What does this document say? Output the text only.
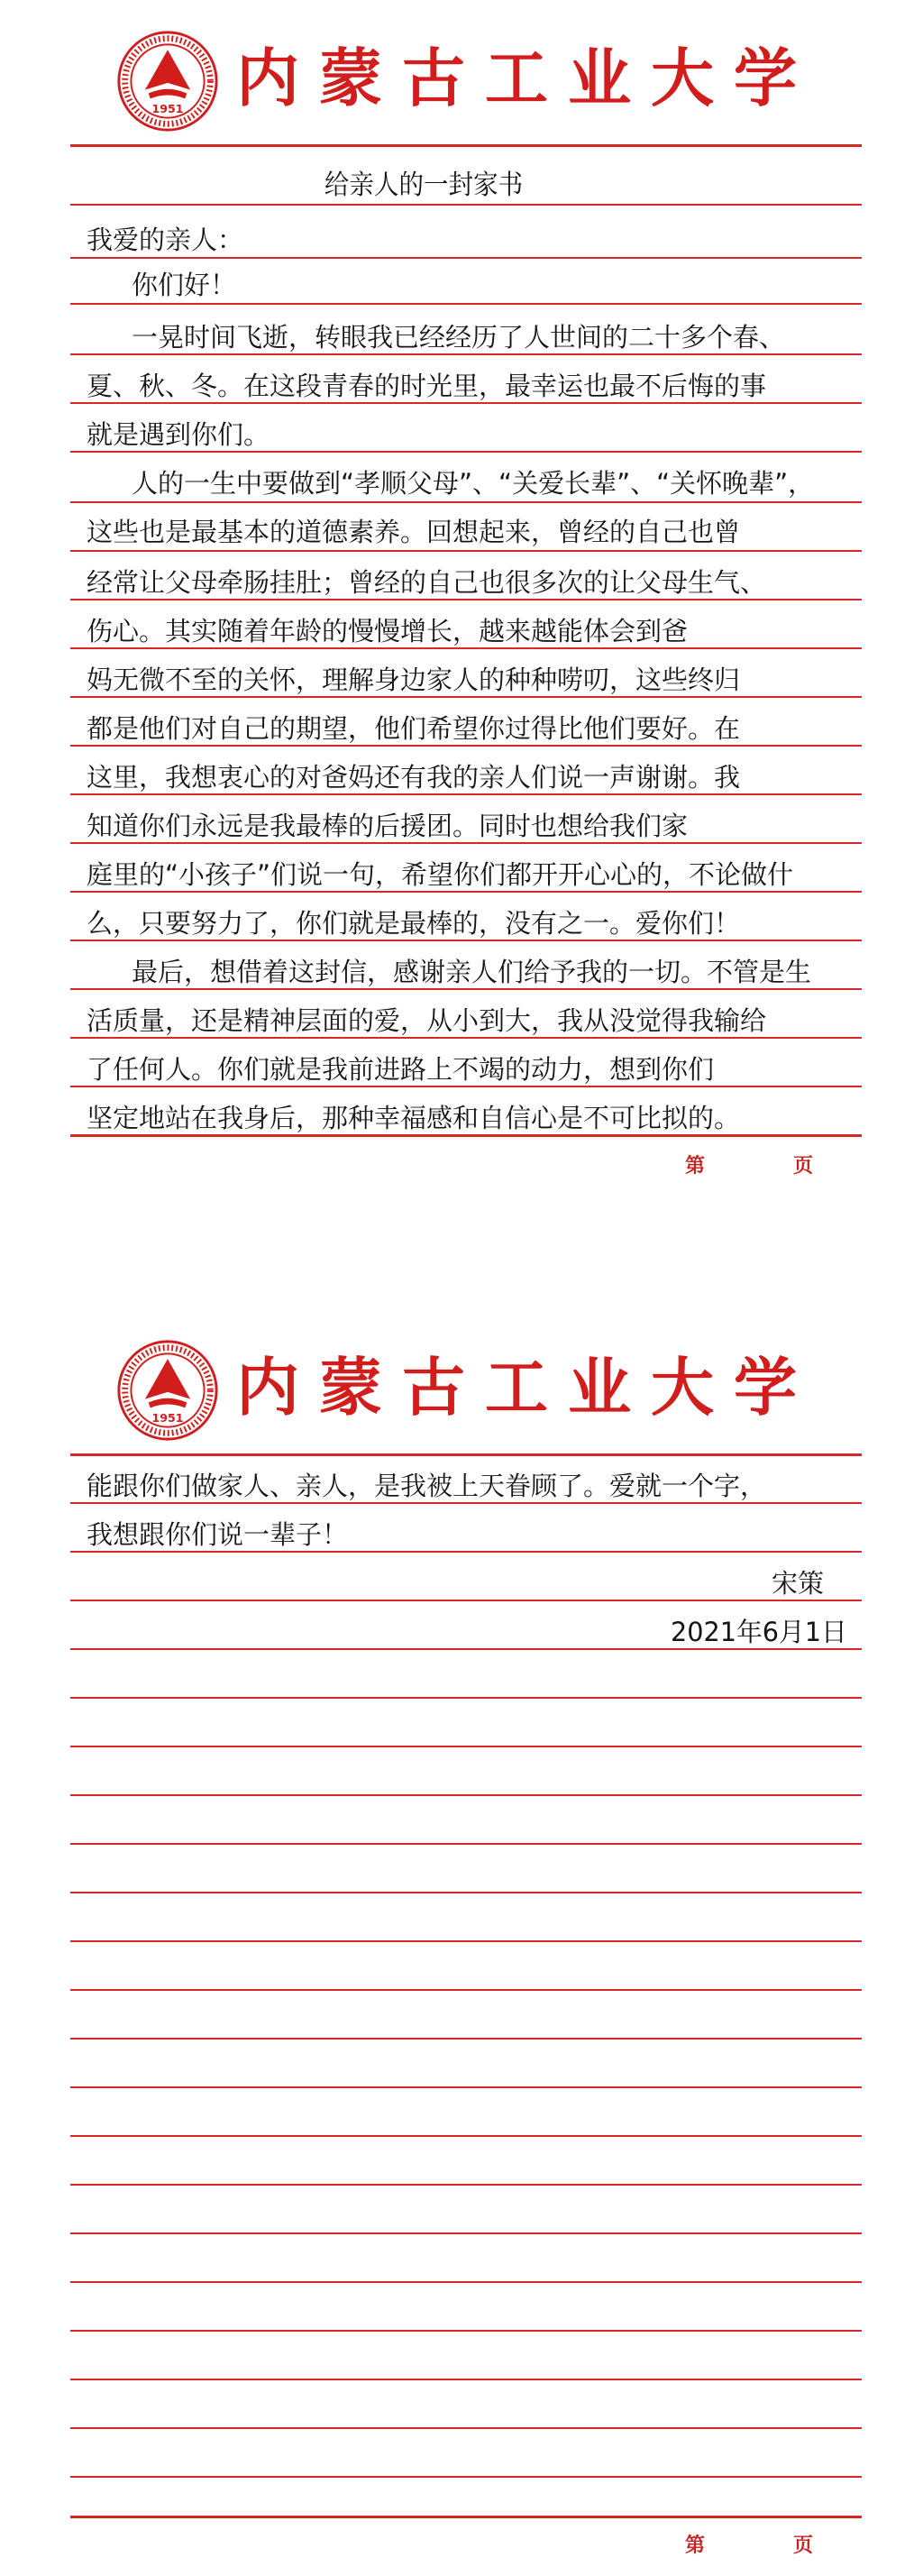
1951 内蒙古工业大学
给亲人的一封家书
我爱的亲人：
你们好！
一晃时间飞逝，转眼我已经经历了人世间的二十多个春、
夏、秋、冬。在这段青春的时光里，最幸运也最不后悔的事
就是遇到你们。
人的一生中要做到“孝顺父母”、“关爱长辈”、“关怀晚辈”，
这些也是最基本的道德素养。回想起来，曾经的自己也曾
经常让父母牵肠挂肚；曾经的自己也很多次的让父母生气、
伤心。其实随着年龄的慢慢增长，越来越能体会到爸
妈无微不至的关怀，理解身边家人的种种唠叨，这些终归
都是他们对自己的期望，他们希望你过得比他们要好。在
这里，我想衷心的对爸妈还有我的亲人们说一声谢谢。我
知道你们永远是我最棒的后援团。同时也想给我们家
庭里的“小孩子”们说一句，希望你们都开开心心的，不论做什
么，只要努力了，你们就是最棒的，没有之一。爱你们！
最后，想借着这封信，感谢亲人们给予我的一切。不管是生
活质量，还是精神层面的爱，从小到大，我从没觉得我输给
了任何人。你们就是我前进路上不竭的动力，想到你们
坚定地站在我身后，那种幸福感和自信心是不可比拟的。
第	页
1951 内蒙古工业大学
能跟你们做家人、亲人，是我被上天眷顾了。爱就一个字，
我想跟你们说一辈子！
宋策
2021年6月1日
第	页
